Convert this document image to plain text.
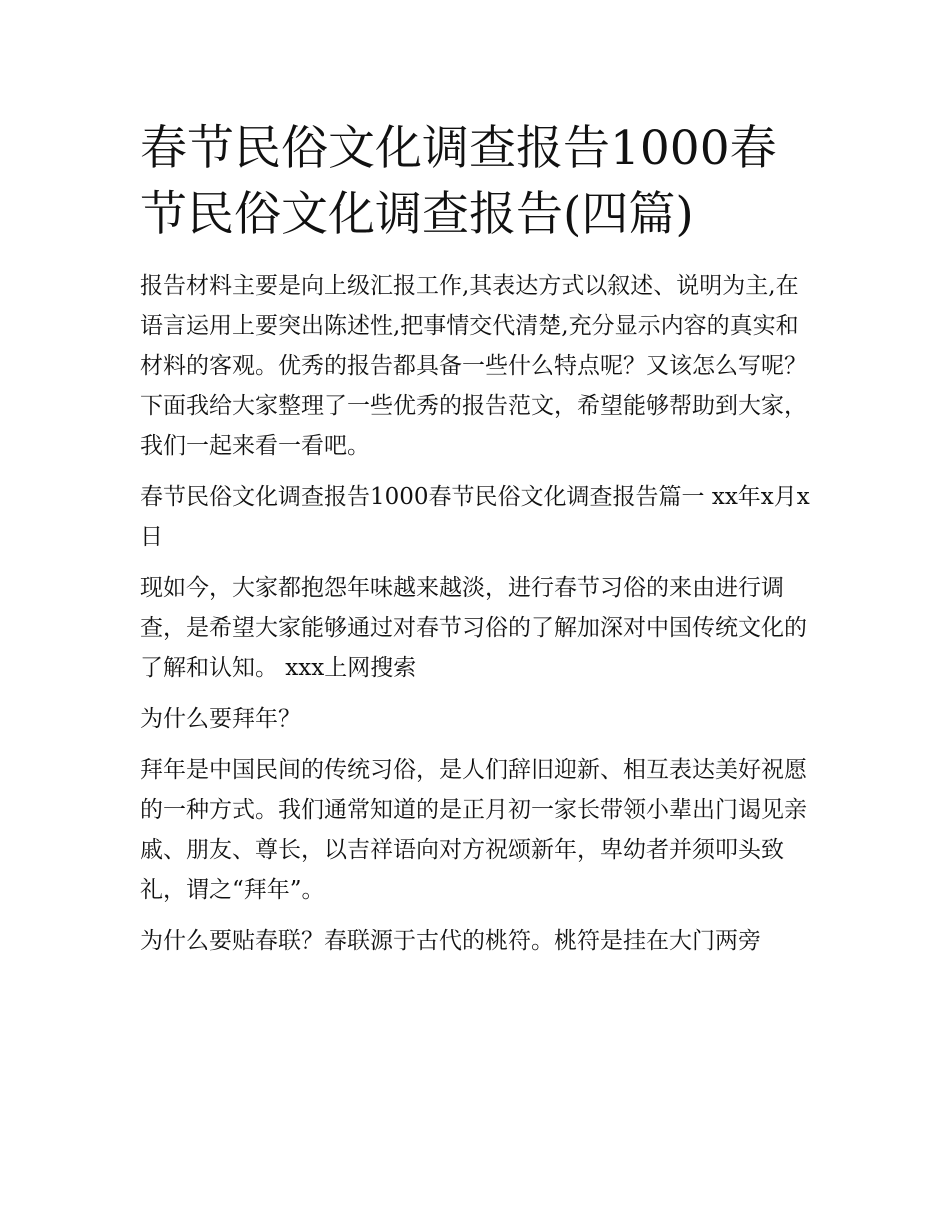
春节民俗文化调查报告1000春节民俗文化调查报告(四篇)

报告材料主要是向上级汇报工作,其表达方式以叙述、说明为主,在语言运用上要突出陈述性,把事情交代清楚,充分显示内容的真实和材料的客观。优秀的报告都具备一些什么特点呢？又该怎么写呢？下面我给大家整理了一些优秀的报告范文，希望能够帮助到大家，我们一起来看一看吧。

春节民俗文化调查报告1000春节民俗文化调查报告篇一 xx年x月x日

现如今，大家都抱怨年味越来越淡，进行春节习俗的来由进行调查，是希望大家能够通过对春节习俗的了解加深对中国传统文化的了解和认知。 xxx上网搜索

为什么要拜年？

拜年是中国民间的传统习俗，是人们辞旧迎新、相互表达美好祝愿的一种方式。我们通常知道的是正月初一家长带领小辈出门谒见亲戚、朋友、尊长，以吉祥语向对方祝颂新年，卑幼者并须叩头致礼，谓之“拜年”。

为什么要贴春联？春联源于古代的桃符。桃符是挂在大门两旁
